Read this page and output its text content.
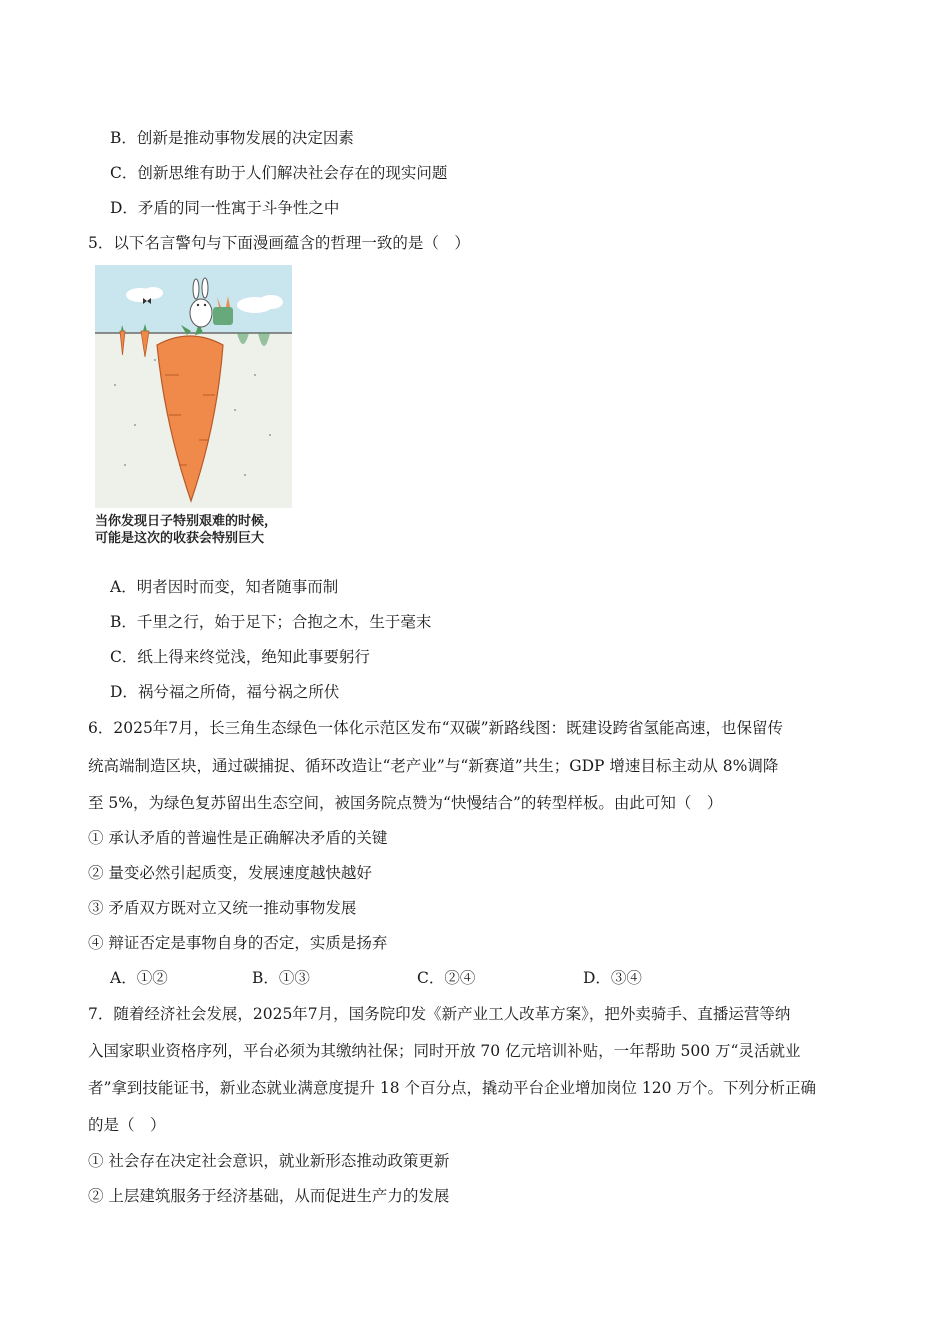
B．创新是推动事物发展的决定因素
C．创新思维有助于人们解决社会存在的现实问题
D．矛盾的同一性寓于斗争性之中
5．以下名言警句与下面漫画蕴含的哲理一致的是（　）
当你发现日子特别艰难的时候，
可能是这次的收获会特别巨大
A．明者因时而变，知者随事而制
B．千里之行，始于足下；合抱之木，生于毫末
C．纸上得来终觉浅，绝知此事要躬行
D．祸兮福之所倚，福兮祸之所伏
6．2025年7月，长三角生态绿色一体化示范区发布“双碳”新路线图：既建设跨省氢能高速，也保留传
统高端制造区块，通过碳捕捉、循环改造让“老产业”与“新赛道”共生；GDP 增速目标主动从 8%调降
至 5%，为绿色复苏留出生态空间，被国务院点赞为“快慢结合”的转型样板。由此可知（　）
① 承认矛盾的普遍性是正确解决矛盾的关键
② 量变必然引起质变，发展速度越快越好
③ 矛盾双方既对立又统一推动事物发展
④ 辩证否定是事物自身的否定，实质是扬弃
A．①②	B．①③	C．②④	D．③④
7．随着经济社会发展，2025年7月，国务院印发《新产业工人改革方案》，把外卖骑手、直播运营等纳
入国家职业资格序列，平台必须为其缴纳社保；同时开放 70 亿元培训补贴，一年帮助 500 万“灵活就业
者”拿到技能证书，新业态就业满意度提升 18 个百分点，撬动平台企业增加岗位 120 万个。下列分析正确
的是（　）
① 社会存在决定社会意识，就业新形态推动政策更新
② 上层建筑服务于经济基础，从而促进生产力的发展
